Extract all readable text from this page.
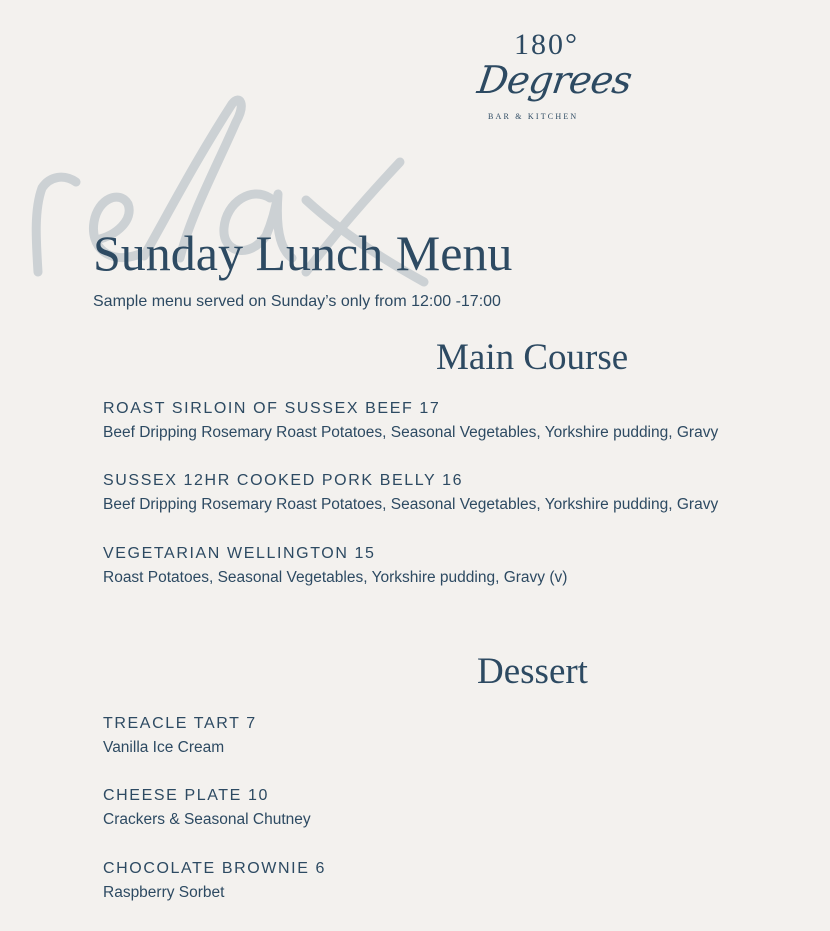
180°
Degrees
BAR & KITCHEN
Sunday Lunch Menu
Sample menu served on Sunday’s only from 12:00 -17:00
Main Course
ROAST SIRLOIN OF SUSSEX BEEF 17
Beef Dripping Rosemary Roast Potatoes, Seasonal Vegetables, Yorkshire pudding, Gravy
SUSSEX 12HR COOKED PORK BELLY 16
Beef Dripping Rosemary Roast Potatoes, Seasonal Vegetables, Yorkshire pudding, Gravy
VEGETARIAN WELLINGTON 15
Roast Potatoes, Seasonal Vegetables, Yorkshire pudding, Gravy (v)
Dessert
TREACLE TART 7
Vanilla Ice Cream
CHEESE PLATE 10
Crackers & Seasonal Chutney
CHOCOLATE BROWNIE 6
Raspberry Sorbet
